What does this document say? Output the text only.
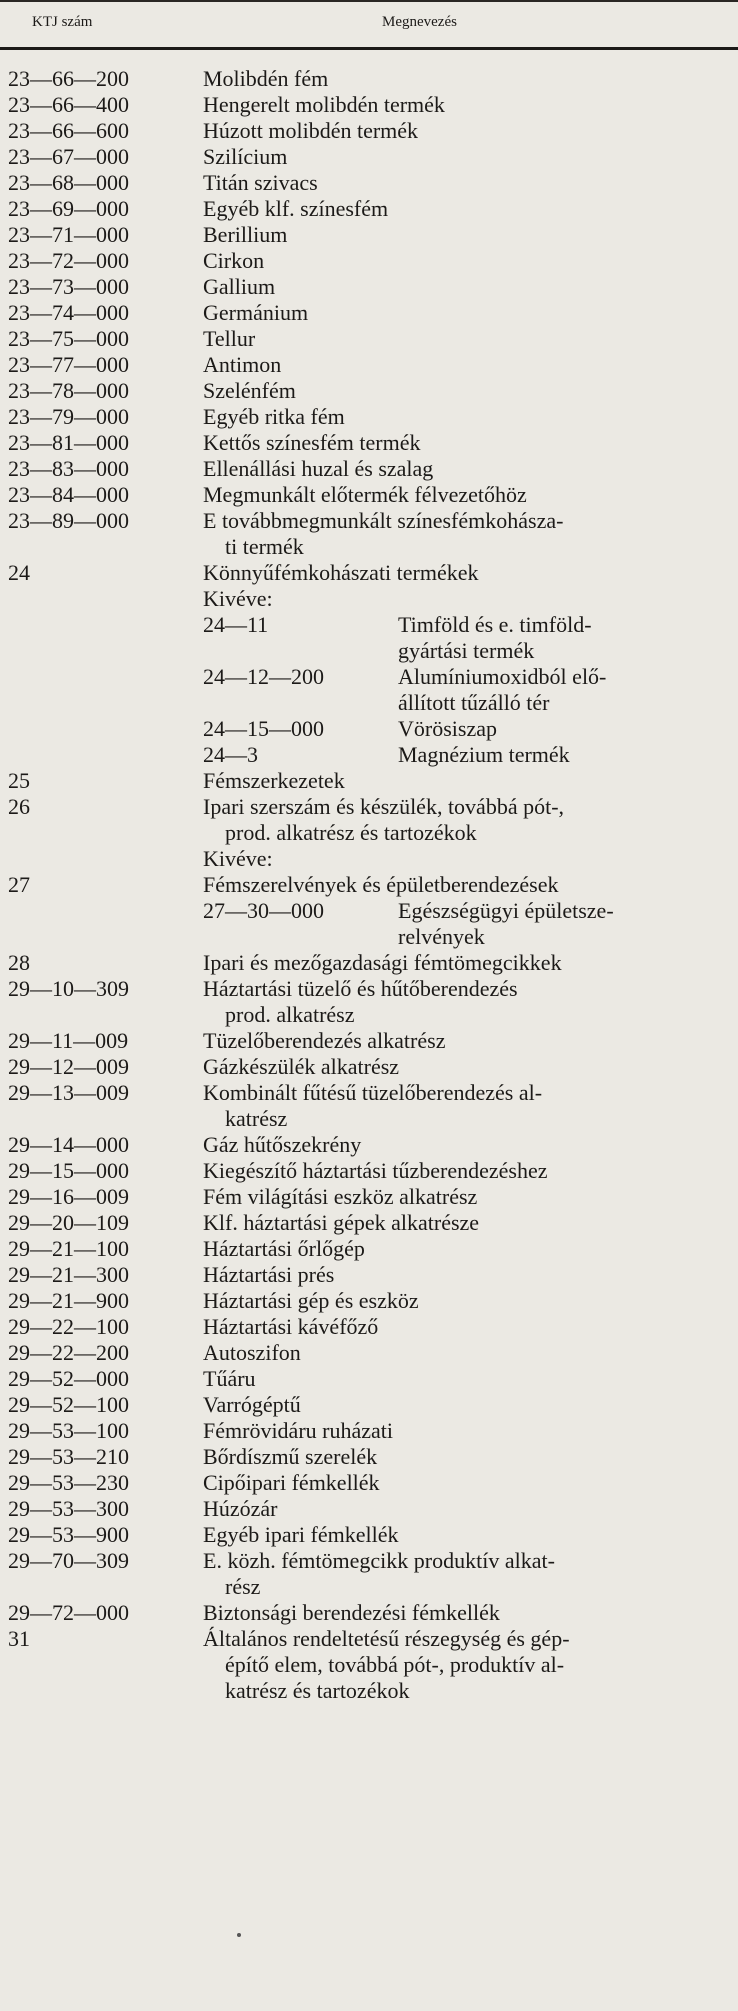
KTJ szám	Megnevezés
23—66—200	Molibdén fém
23—66—400	Hengerelt molibdén termék
23—66—600	Húzott molibdén termék
23—67—000	Szilícium
23—68—000	Titán szivacs
23—69—000	Egyéb klf. színesfém
23—71—000	Berillium
23—72—000	Cirkon
23—73—000	Gallium
23—74—000	Germánium
23—75—000	Tellur
23—77—000	Antimon
23—78—000	Szelénfém
23—79—000	Egyéb ritka fém
23—81—000	Kettős színesfém termék
23—83—000	Ellenállási huzal és szalag
23—84—000	Megmunkált előtermék félvezetőhöz
23—89—000	E továbbmegmunkált színesfémkohásza-
ti termék
24	Könnyűfémkohászati termékek
Kivéve:
24—11	Timföld és e. timföld-
gyártási termék
24—12—200	Alumíniumoxidból elő-
állított tűzálló tér
24—15—000	Vörösiszap
24—3	Magnézium termék
25	Fémszerkezetek
26	Ipari szerszám és készülék, továbbá pót-,
prod. alkatrész és tartozékok
Kivéve:
27	Fémszerelvények és épületberendezések
27—30—000	Egészségügyi épületsze-
relvények
28	Ipari és mezőgazdasági fémtömegcikkek
29—10—309	Háztartási tüzelő és hűtőberendezés
prod. alkatrész
29—11—009	Tüzelőberendezés alkatrész
29—12—009	Gázkészülék alkatrész
29—13—009	Kombinált fűtésű tüzelőberendezés al-
katrész
29—14—000	Gáz hűtőszekrény
29—15—000	Kiegészítő háztartási tűzberendezéshez
29—16—009	Fém világítási eszköz alkatrész
29—20—109	Klf. háztartási gépek alkatrésze
29—21—100	Háztartási őrlőgép
29—21—300	Háztartási prés
29—21—900	Háztartási gép és eszköz
29—22—100	Háztartási kávéfőző
29—22—200	Autoszifon
29—52—000	Tűáru
29—52—100	Varrógéptű
29—53—100	Fémrövidáru ruházati
29—53—210	Bőrdíszmű szerelék
29—53—230	Cipőipari fémkellék
29—53—300	Húzózár
29—53—900	Egyéb ipari fémkellék
29—70—309	E. közh. fémtömegcikk produktív alkat-
rész
29—72—000	Biztonsági berendezési fémkellék
31	Általános rendeltetésű részegység és gép-
építő elem, továbbá pót-, produktív al-
katrész és tartozékok
